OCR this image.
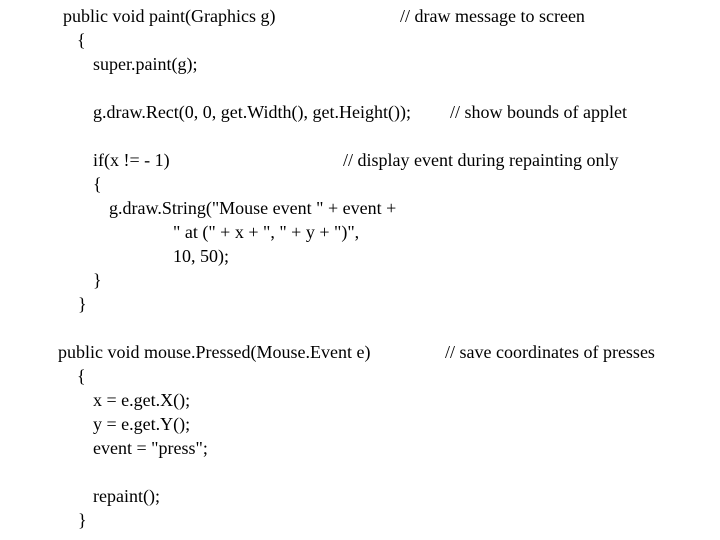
public void paint(Graphics g)	// draw message to screen
{
super.paint(g);
g.draw.Rect(0, 0, get.Width(), get.Height()); // show bounds of applet
if(x != - 1)	// display event during repainting only
{
g.draw.String("Mouse event " + event +
" at (" + x + ", " + y + ")",
10, 50);
}
}
public void mouse.Pressed(Mouse.Event e)	// save coordinates of presses
{
x = e.get.X();
y = e.get.Y();
event = "press";
repaint();
}
